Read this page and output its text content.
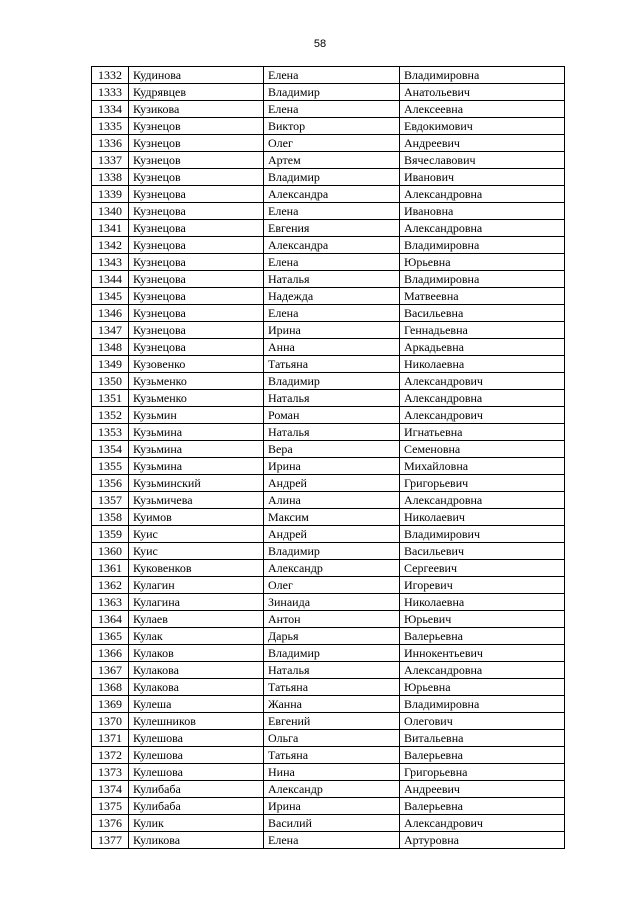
58
1332	Кудинова	Елена	Владимировна
1333	Кудрявцев	Владимир	Анатольевич
1334	Кузикова	Елена	Алексеевна
1335	Кузнецов	Виктор	Евдокимович
1336	Кузнецов	Олег	Андреевич
1337	Кузнецов	Артем	Вячеславович
1338	Кузнецов	Владимир	Иванович
1339	Кузнецова	Александра	Александровна
1340	Кузнецова	Елена	Ивановна
1341	Кузнецова	Евгения	Александровна
1342	Кузнецова	Александра	Владимировна
1343	Кузнецова	Елена	Юрьевна
1344	Кузнецова	Наталья	Владимировна
1345	Кузнецова	Надежда	Матвеевна
1346	Кузнецова	Елена	Васильевна
1347	Кузнецова	Ирина	Геннадьевна
1348	Кузнецова	Анна	Аркадьевна
1349	Кузовенко	Татьяна	Николаевна
1350	Кузьменко	Владимир	Александрович
1351	Кузьменко	Наталья	Александровна
1352	Кузьмин	Роман	Александрович
1353	Кузьмина	Наталья	Игнатьевна
1354	Кузьмина	Вера	Семеновна
1355	Кузьмина	Ирина	Михайловна
1356	Кузьминский	Андрей	Григорьевич
1357	Кузьмичева	Алина	Александровна
1358	Куимов	Максим	Николаевич
1359	Куис	Андрей	Владимирович
1360	Куис	Владимир	Васильевич
1361	Куковенков	Александр	Сергеевич
1362	Кулагин	Олег	Игоревич
1363	Кулагина	Зинаида	Николаевна
1364	Кулаев	Антон	Юрьевич
1365	Кулак	Дарья	Валерьевна
1366	Кулаков	Владимир	Иннокентьевич
1367	Кулакова	Наталья	Александровна
1368	Кулакова	Татьяна	Юрьевна
1369	Кулеша	Жанна	Владимировна
1370	Кулешников	Евгений	Олегович
1371	Кулешова	Ольга	Витальевна
1372	Кулешова	Татьяна	Валерьевна
1373	Кулешова	Нина	Григорьевна
1374	Кулибаба	Александр	Андреевич
1375	Кулибаба	Ирина	Валерьевна
1376	Кулик	Василий	Александрович
1377	Куликова	Елена	Артуровна
